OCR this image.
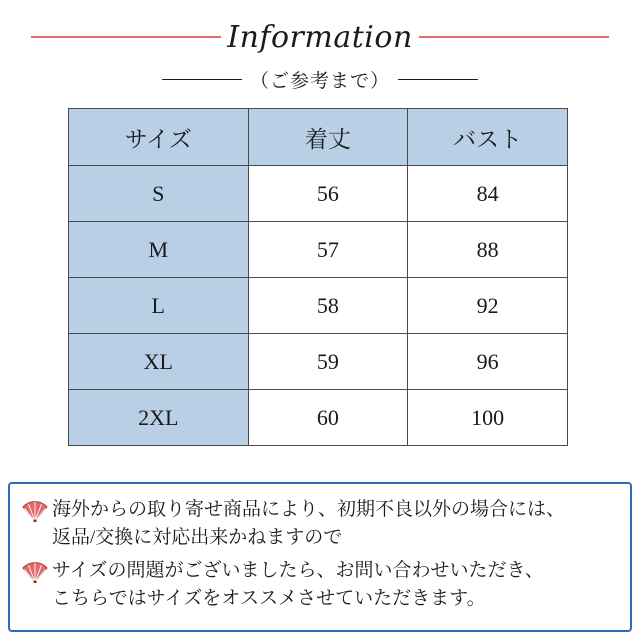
Information
（ご参考まで）
サイズ	着丈	バスト
S	56	84
M	57	88
L	58	92
XL	59	96
2XL	60	100
海外からの取り寄せ商品により、初期不良以外の場合には、
返品/交換に対応出来かねますので
サイズの問題がございましたら、お問い合わせいただき、
こちらではサイズをオススメさせていただきます。
